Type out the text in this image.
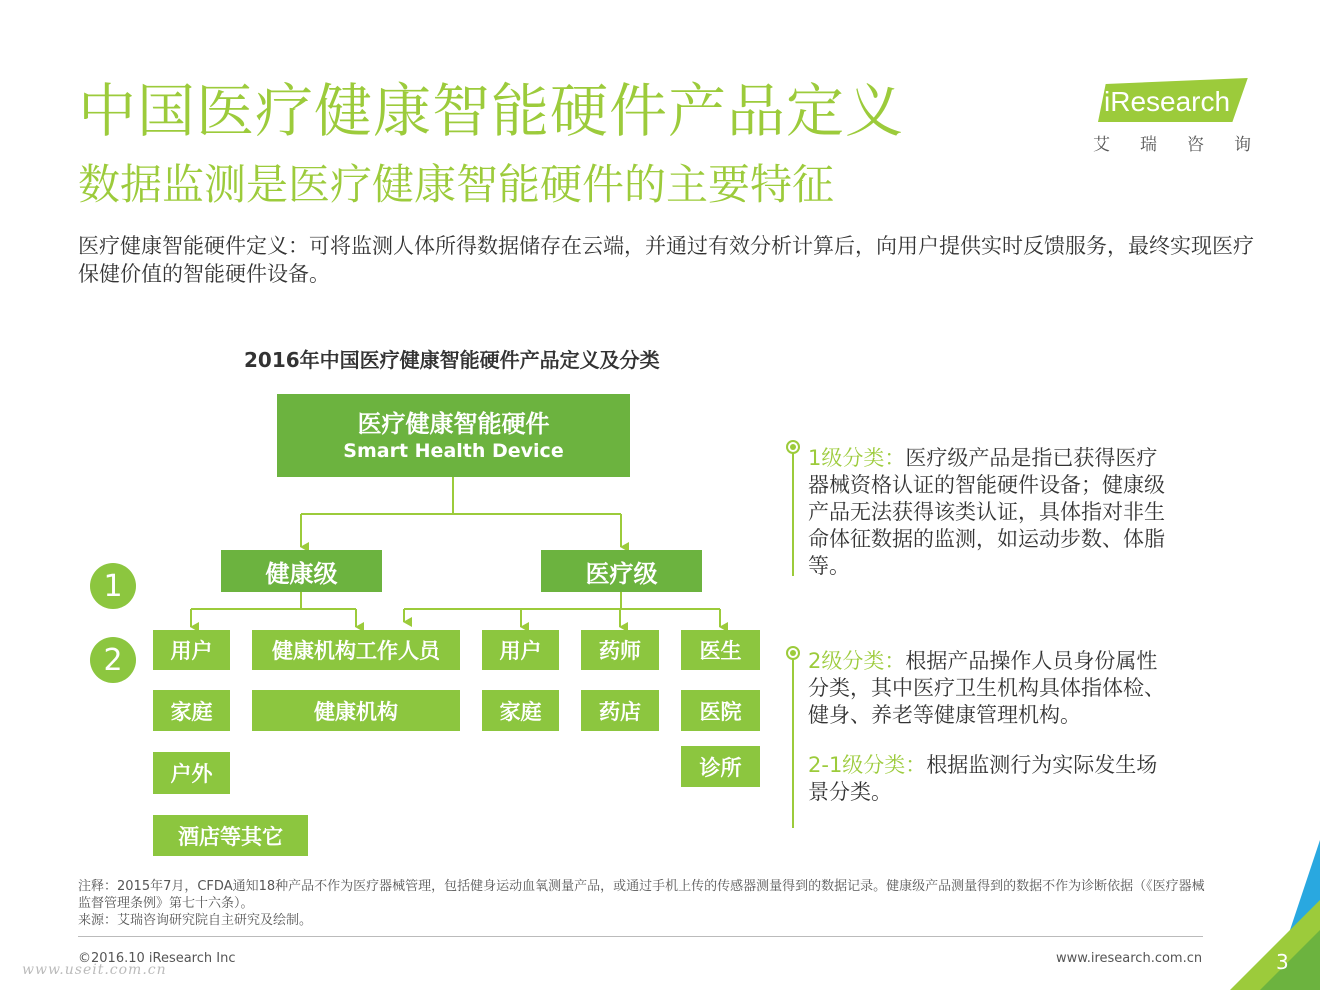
中国医疗健康智能硬件产品定义
数据监测是医疗健康智能硬件的主要特征
医疗健康智能硬件定义：可将监测人体所得数据储存在云端，并通过有效分析计算后，向用户提供实时反馈服务，最终实现医疗保健价值的智能硬件设备。
iResearch
艾瑞咨询
2016年中国医疗健康智能硬件产品定义及分类
医疗健康智能硬件
Smart Health Device
1
2
健康级	医疗级
用户
家庭
户外
酒店等其它
健康机构工作人员
健康机构
用户
家庭
药师
药店
医生
医院
诊所
1级分类：医疗级产品是指已获得医疗器械资格认证的智能硬件设备；健康级产品无法获得该类认证，具体指对非生命体征数据的监测，如运动步数、体脂等。
2级分类：根据产品操作人员身份属性分类，其中医疗卫生机构具体指体检、健身、养老等健康管理机构。
2-1级分类：根据监测行为实际发生场景分类。
注释：2015年7月，CFDA通知18种产品不作为医疗器械管理，包括健身运动血氧测量产品，或通过手机上传的传感器测量得到的数据记录。健康级产品测量得到的数据不作为诊断依据（《医疗器械监督管理条例》第七十六条）。
来源：艾瑞咨询研究院自主研究及绘制。
©2016.10 iResearch Inc	www.iresearch.com.cn
www.useit.com.cn	3
